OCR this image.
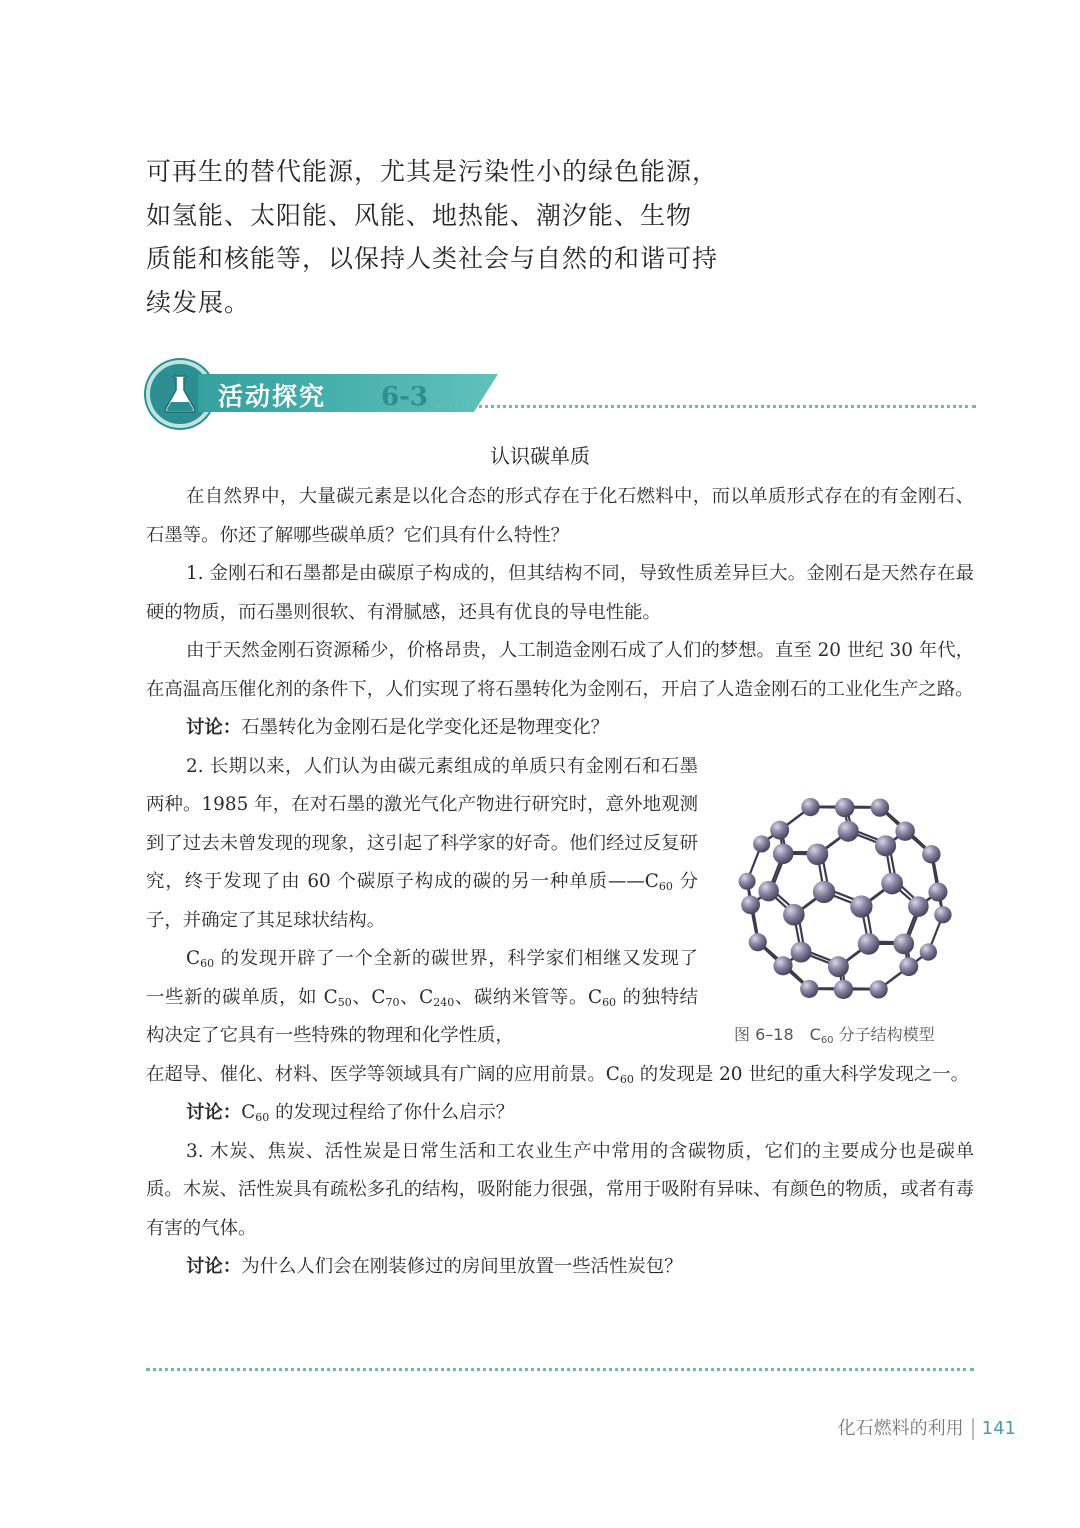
可再生的替代能源，尤其是污染性小的绿色能源，

如氢能、太阳能、风能、地热能、潮汐能、生物

质能和核能等，以保持人类社会与自然的和谐可持

续发展。

活动探究 6-3
认识碳单质

在自然界中，大量碳元素是以化合态的形式存在于化石燃料中，而以单质形式存在的有金刚石、石墨等。你还了解哪些碳单质？它们具有什么特性？

1. 金刚石和石墨都是由碳原子构成的，但其结构不同，导致性质差异巨大。金刚石是天然存在最硬的物质，而石墨则很软、有滑腻感，还具有优良的导电性能。

由于天然金刚石资源稀少，价格昂贵，人工制造金刚石成了人们的梦想。直至 20 世纪 30 年代，在高温高压催化剂的条件下，人们实现了将石墨转化为金刚石，开启了人造金刚石的工业化生产之路。

讨论：石墨转化为金刚石是化学变化还是物理变化？

2. 长期以来，人们认为由碳元素组成的单质只有金刚石和石墨两种。1985 年，在对石墨的激光气化产物进行研究时，意外地观测到了过去未曾发现的现象，这引起了科学家的好奇。他们经过反复研究，终于发现了由 60 个碳原子构成的碳的另一种单质$——C_{60}$ 分子，并确定了其足球状结构。

$C_{60}$ 的发现开辟了一个全新的碳世界，科学家们相继又发现了一些新的碳单质，如 $C_{50}$、$C_{70}$、$C_{240}$、碳纳米管等。$C_{60}$ 的独特结构决定了它具有一些特殊的物理和化学性质，

在超导、催化、材料、医学等领域具有广阔的应用前景。$C_{60}$ 的发现是 20 世纪的重大科学发现之一。

讨论：$C_{60}$ 的发现过程给了你什么启示？

3. 木炭、焦炭、活性炭是日常生活和工农业生产中常用的含碳物质，它们的主要成分也是碳单质。木炭、活性炭具有疏松多孔的结构，吸附能力很强，常用于吸附有异味、有颜色的物质，或者有毒有害的气体。

讨论：为什么人们会在刚装修过的房间里放置一些活性炭包？

图 6–18　$C_{60}$ 分子结构模型
化石燃料的利用 141
